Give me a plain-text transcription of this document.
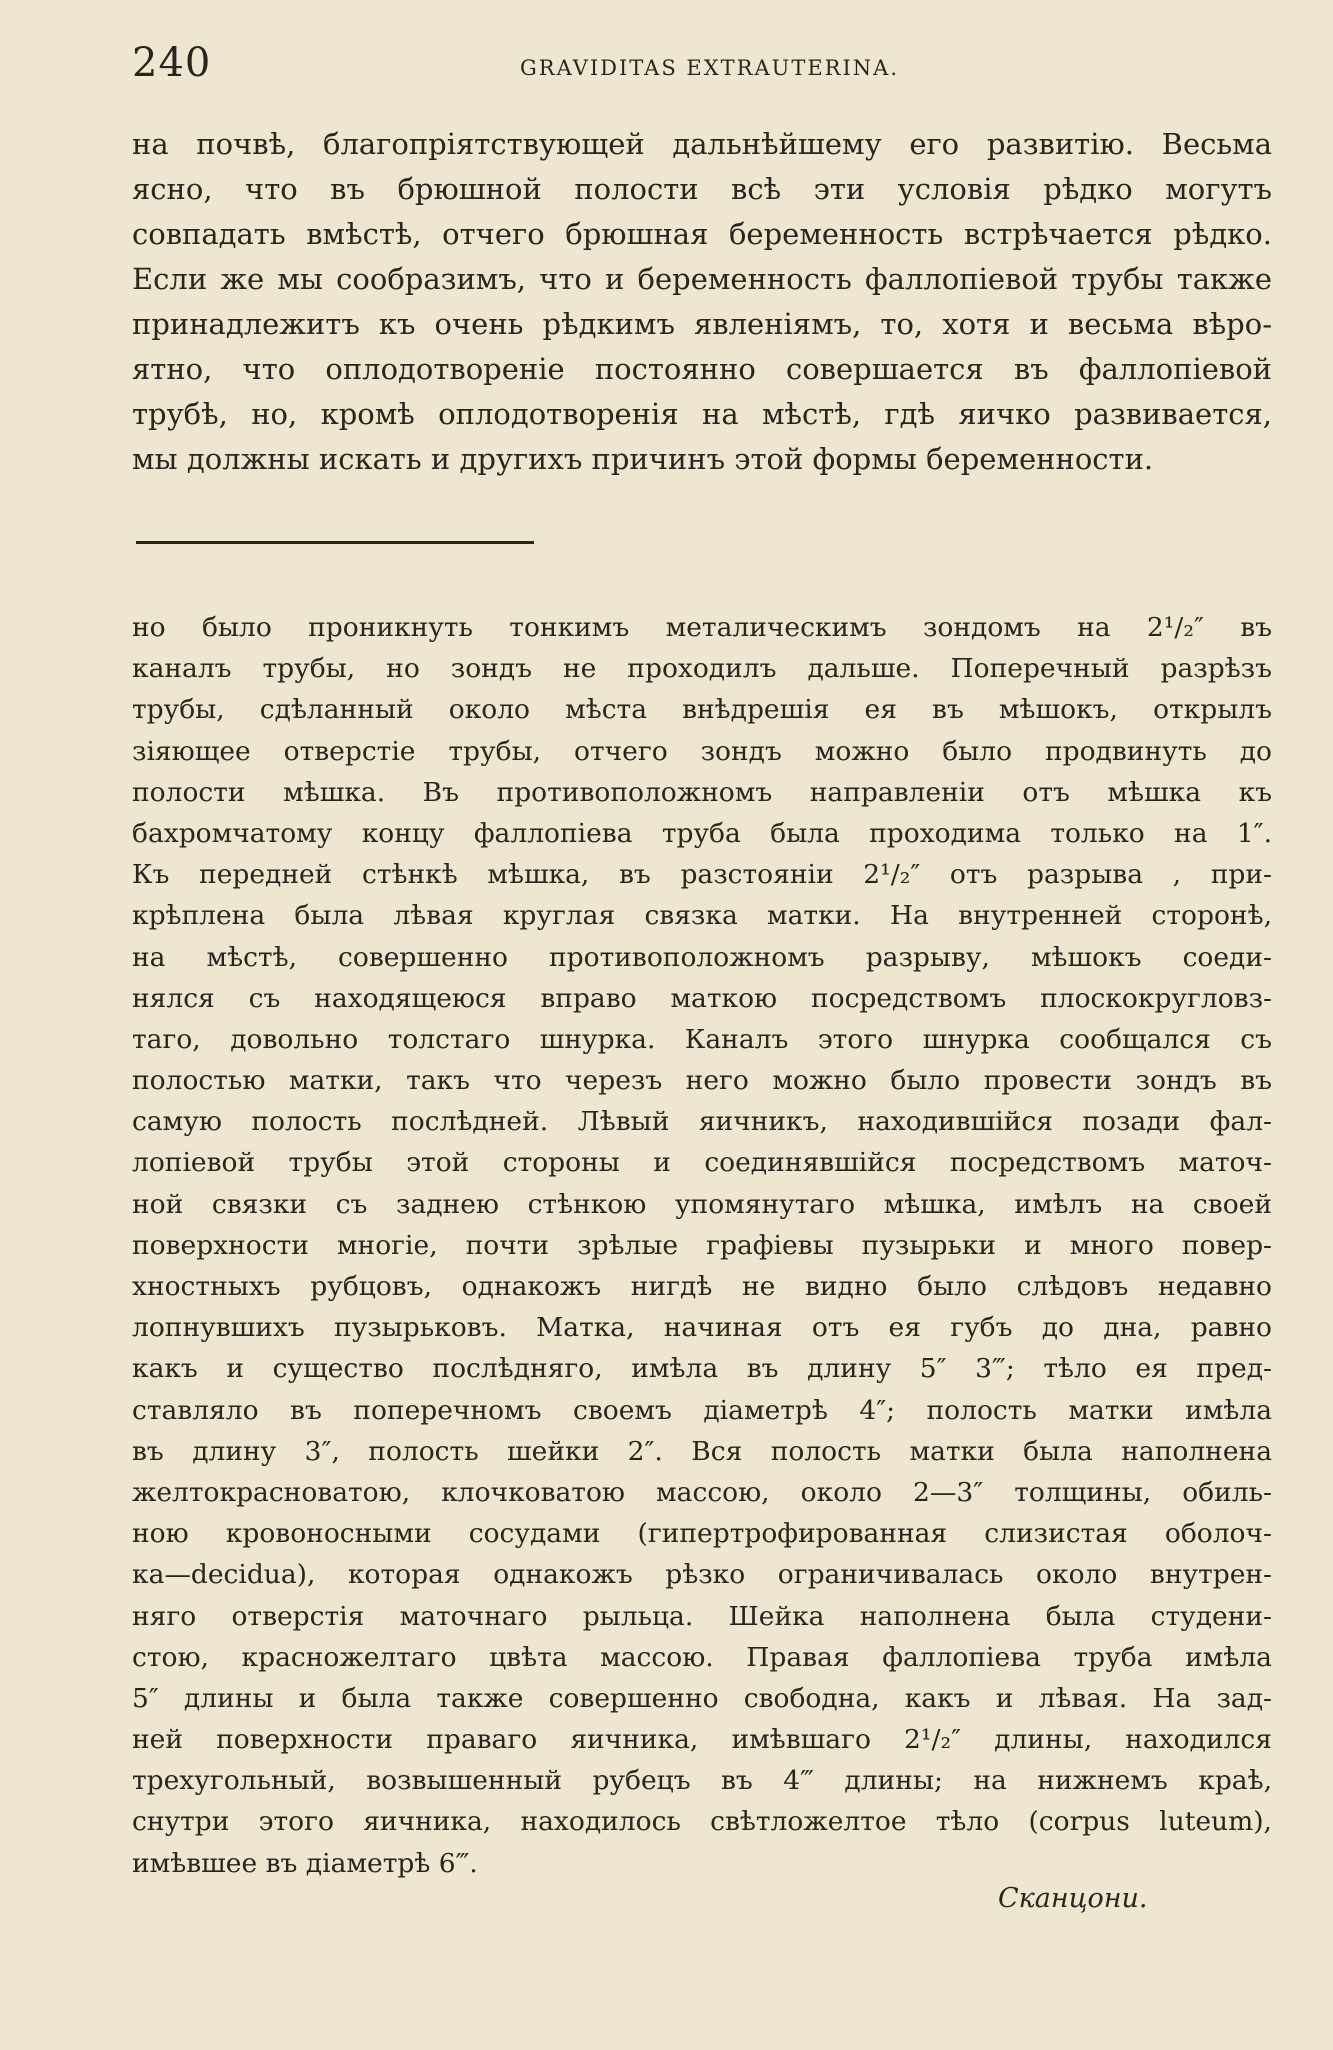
240	GRAVIDITAS EXTRAUTERINA.
на почвѣ, благопріятствующей дальнѣйшему его развитію. Весьма
ясно, что въ брюшной полости всѣ эти условія рѣдко могутъ
совпадать вмѣстѣ, отчего брюшная беременность встрѣчается рѣдко.
Если же мы сообразимъ, что и беременность фаллопіевой трубы также
принадлежитъ къ очень рѣдкимъ явленіямъ, то, хотя и весьма вѣро-
ятно, что оплодотвореніе постоянно совершается въ фаллопіевой
трубѣ, но, кромѣ оплодотворенія на мѣстѣ, гдѣ яичко развивается,
мы должны искать и другихъ причинъ этой формы беременности.
но было проникнуть тонкимъ металическимъ зондомъ на 2¹/₂″ въ
каналъ трубы, но зондъ не проходилъ дальше. Поперечный разрѣзъ
трубы, сдѣланный около мѣста внѣдрешія ея въ мѣшокъ, открылъ
зіяющее отверстіе трубы, отчего зондъ можно было продвинуть до
полости мѣшка. Въ противоположномъ направленіи отъ мѣшка къ
бахромчатому концу фаллопіева труба была проходима только на 1″.
Къ передней стѣнкѣ мѣшка, въ разстояніи 2¹/₂″ отъ разрыва , при-
крѣплена была лѣвая круглая связка матки. На внутренней сторонѣ,
на мѣстѣ, совершенно противоположномъ разрыву, мѣшокъ соеди-
нялся съ находящеюся вправо маткою посредствомъ плоскокругловз-
таго, довольно толстаго шнурка. Каналъ этого шнурка сообщался съ
полостью матки, такъ что черезъ него можно было провести зондъ въ
самую полость послѣдней. Лѣвый яичникъ, находившійся позади фал-
лопіевой трубы этой стороны и соединявшійся посредствомъ маточ-
ной связки съ заднею стѣнкою упомянутаго мѣшка, имѣлъ на своей
поверхности многіе, почти зрѣлые графіевы пузырьки и много повер-
хностныхъ рубцовъ, однакожъ нигдѣ не видно было слѣдовъ недавно
лопнувшихъ пузырьковъ. Матка, начиная отъ ея губъ до дна, равно
какъ и существо послѣдняго, имѣла въ длину 5″ 3‴; тѣло ея пред-
ставляло въ поперечномъ своемъ діаметрѣ 4″; полость матки имѣла
въ длину 3″, полость шейки 2″. Вся полость матки была наполнена
желтокрасноватою, клочковатою массою, около 2—3″ толщины, обиль-
ною кровоносными сосудами (гипертрофированная слизистая оболоч-
ка—decidua), которая однакожъ рѣзко ограничивалась около внутрен-
няго отверстія маточнаго рыльца. Шейка наполнена была студени-
стою, красножелтаго цвѣта массою. Правая фаллопіева труба имѣла
5″ длины и была также совершенно свободна, какъ и лѣвая. На зад-
ней поверхности праваго яичника, имѣвшаго 2¹/₂″ длины, находился
трехугольный, возвышенный рубецъ въ 4‴ длины; на нижнемъ краѣ,
снутри этого яичника, находилось свѣтложелтое тѣло (corpus luteum),
имѣвшее въ діаметрѣ 6‴.
Сканцони.
